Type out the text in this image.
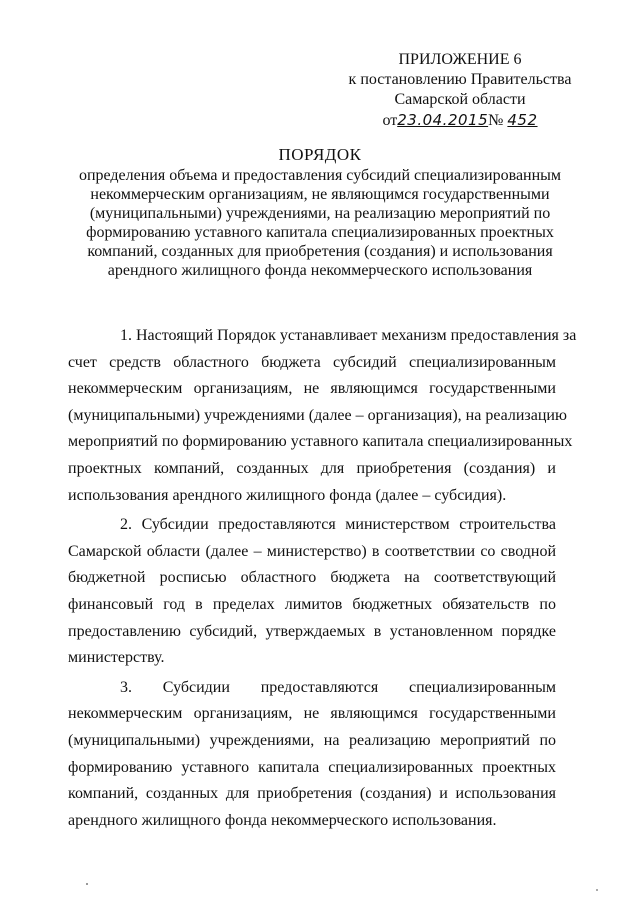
ПРИЛОЖЕНИЕ 6
к постановлению Правительства
Самарской области
от23.04.2015№ 452
ПОРЯДОК
определения объема и предоставления субсидий специализированным
некоммерческим организациям, не являющимся государственными
(муниципальными) учреждениями, на реализацию мероприятий по
формированию уставного капитала специализированных проектных
компаний, созданных для приобретения (создания) и использования
арендного жилищного фонда некоммерческого использования
1. Настоящий Порядок устанавливает механизм предоставления за
счет средств областного бюджета субсидий специализированным
некоммерческим организациям, не являющимся государственными
(муниципальными) учреждениями (далее – организация), на реализацию
мероприятий по формированию уставного капитала специализированных
проектных компаний, созданных для приобретения (создания) и
использования арендного жилищного фонда (далее – субсидия).
2. Субсидии предоставляются министерством строительства
Самарской области (далее – министерство) в соответствии со сводной
бюджетной росписью областного бюджета на соответствующий
финансовый год в пределах лимитов бюджетных обязательств по
предоставлению субсидий, утверждаемых в установленном порядке
министерству.
3. Субсидии предоставляются специализированным
некоммерческим организациям, не являющимся государственными
(муниципальными) учреждениями, на реализацию мероприятий по
формированию уставного капитала специализированных проектных
компаний, созданных для приобретения (создания) и использования
арендного жилищного фонда некоммерческого использования.
